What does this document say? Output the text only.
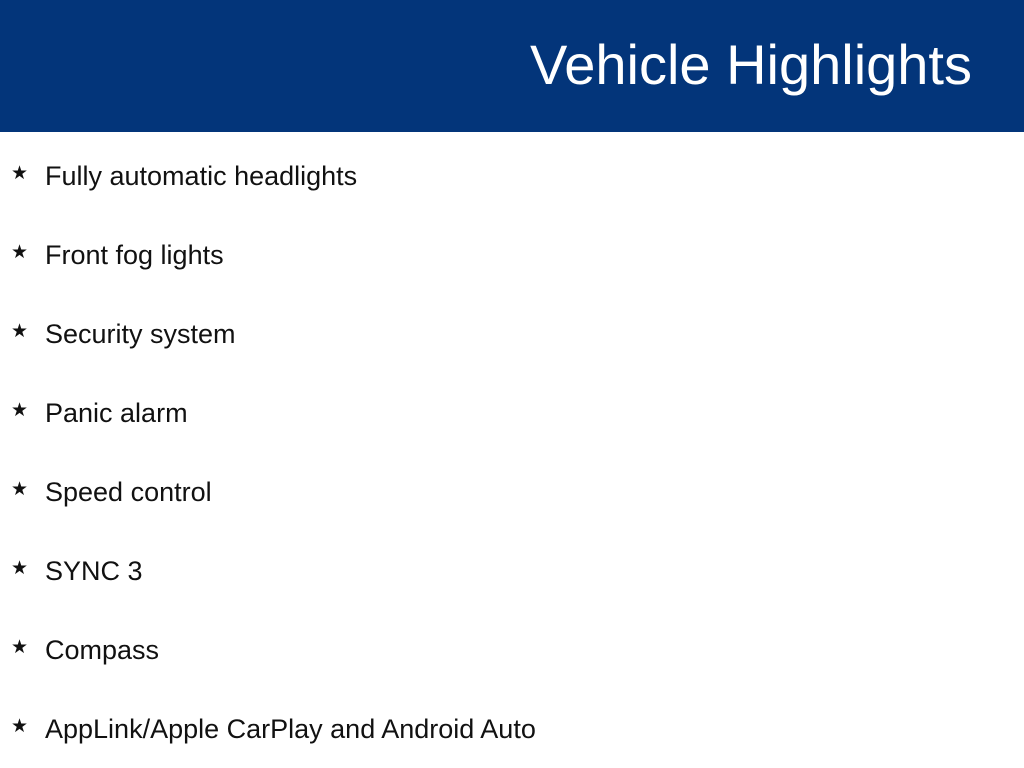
Vehicle Highlights
★ Fully automatic headlights
★ Front fog lights
★ Security system
★ Panic alarm
★ Speed control
★ SYNC 3
★ Compass
★ AppLink/Apple CarPlay and Android Auto
